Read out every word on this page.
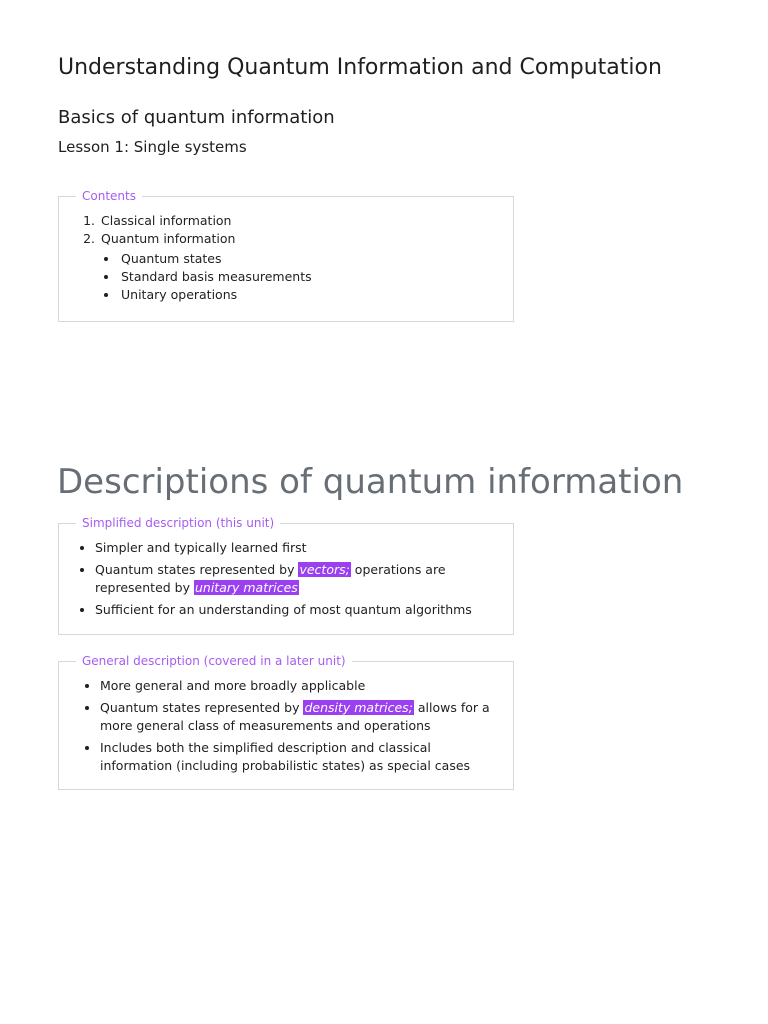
Understanding Quantum Information and Computation
Basics of quantum information
Lesson 1: Single systems
Contents
1. Classical information
2. Quantum information
• Quantum states
• Standard basis measurements
• Unitary operations
Descriptions of quantum information
Simplified description (this unit)
• Simpler and typically learned first
• Quantum states represented by vectors; operations are represented by unitary matrices
• Sufficient for an understanding of most quantum algorithms
General description (covered in a later unit)
• More general and more broadly applicable
• Quantum states represented by density matrices; allows for a more general class of measurements and operations
• Includes both the simplified description and classical information (including probabilistic states) as special cases
